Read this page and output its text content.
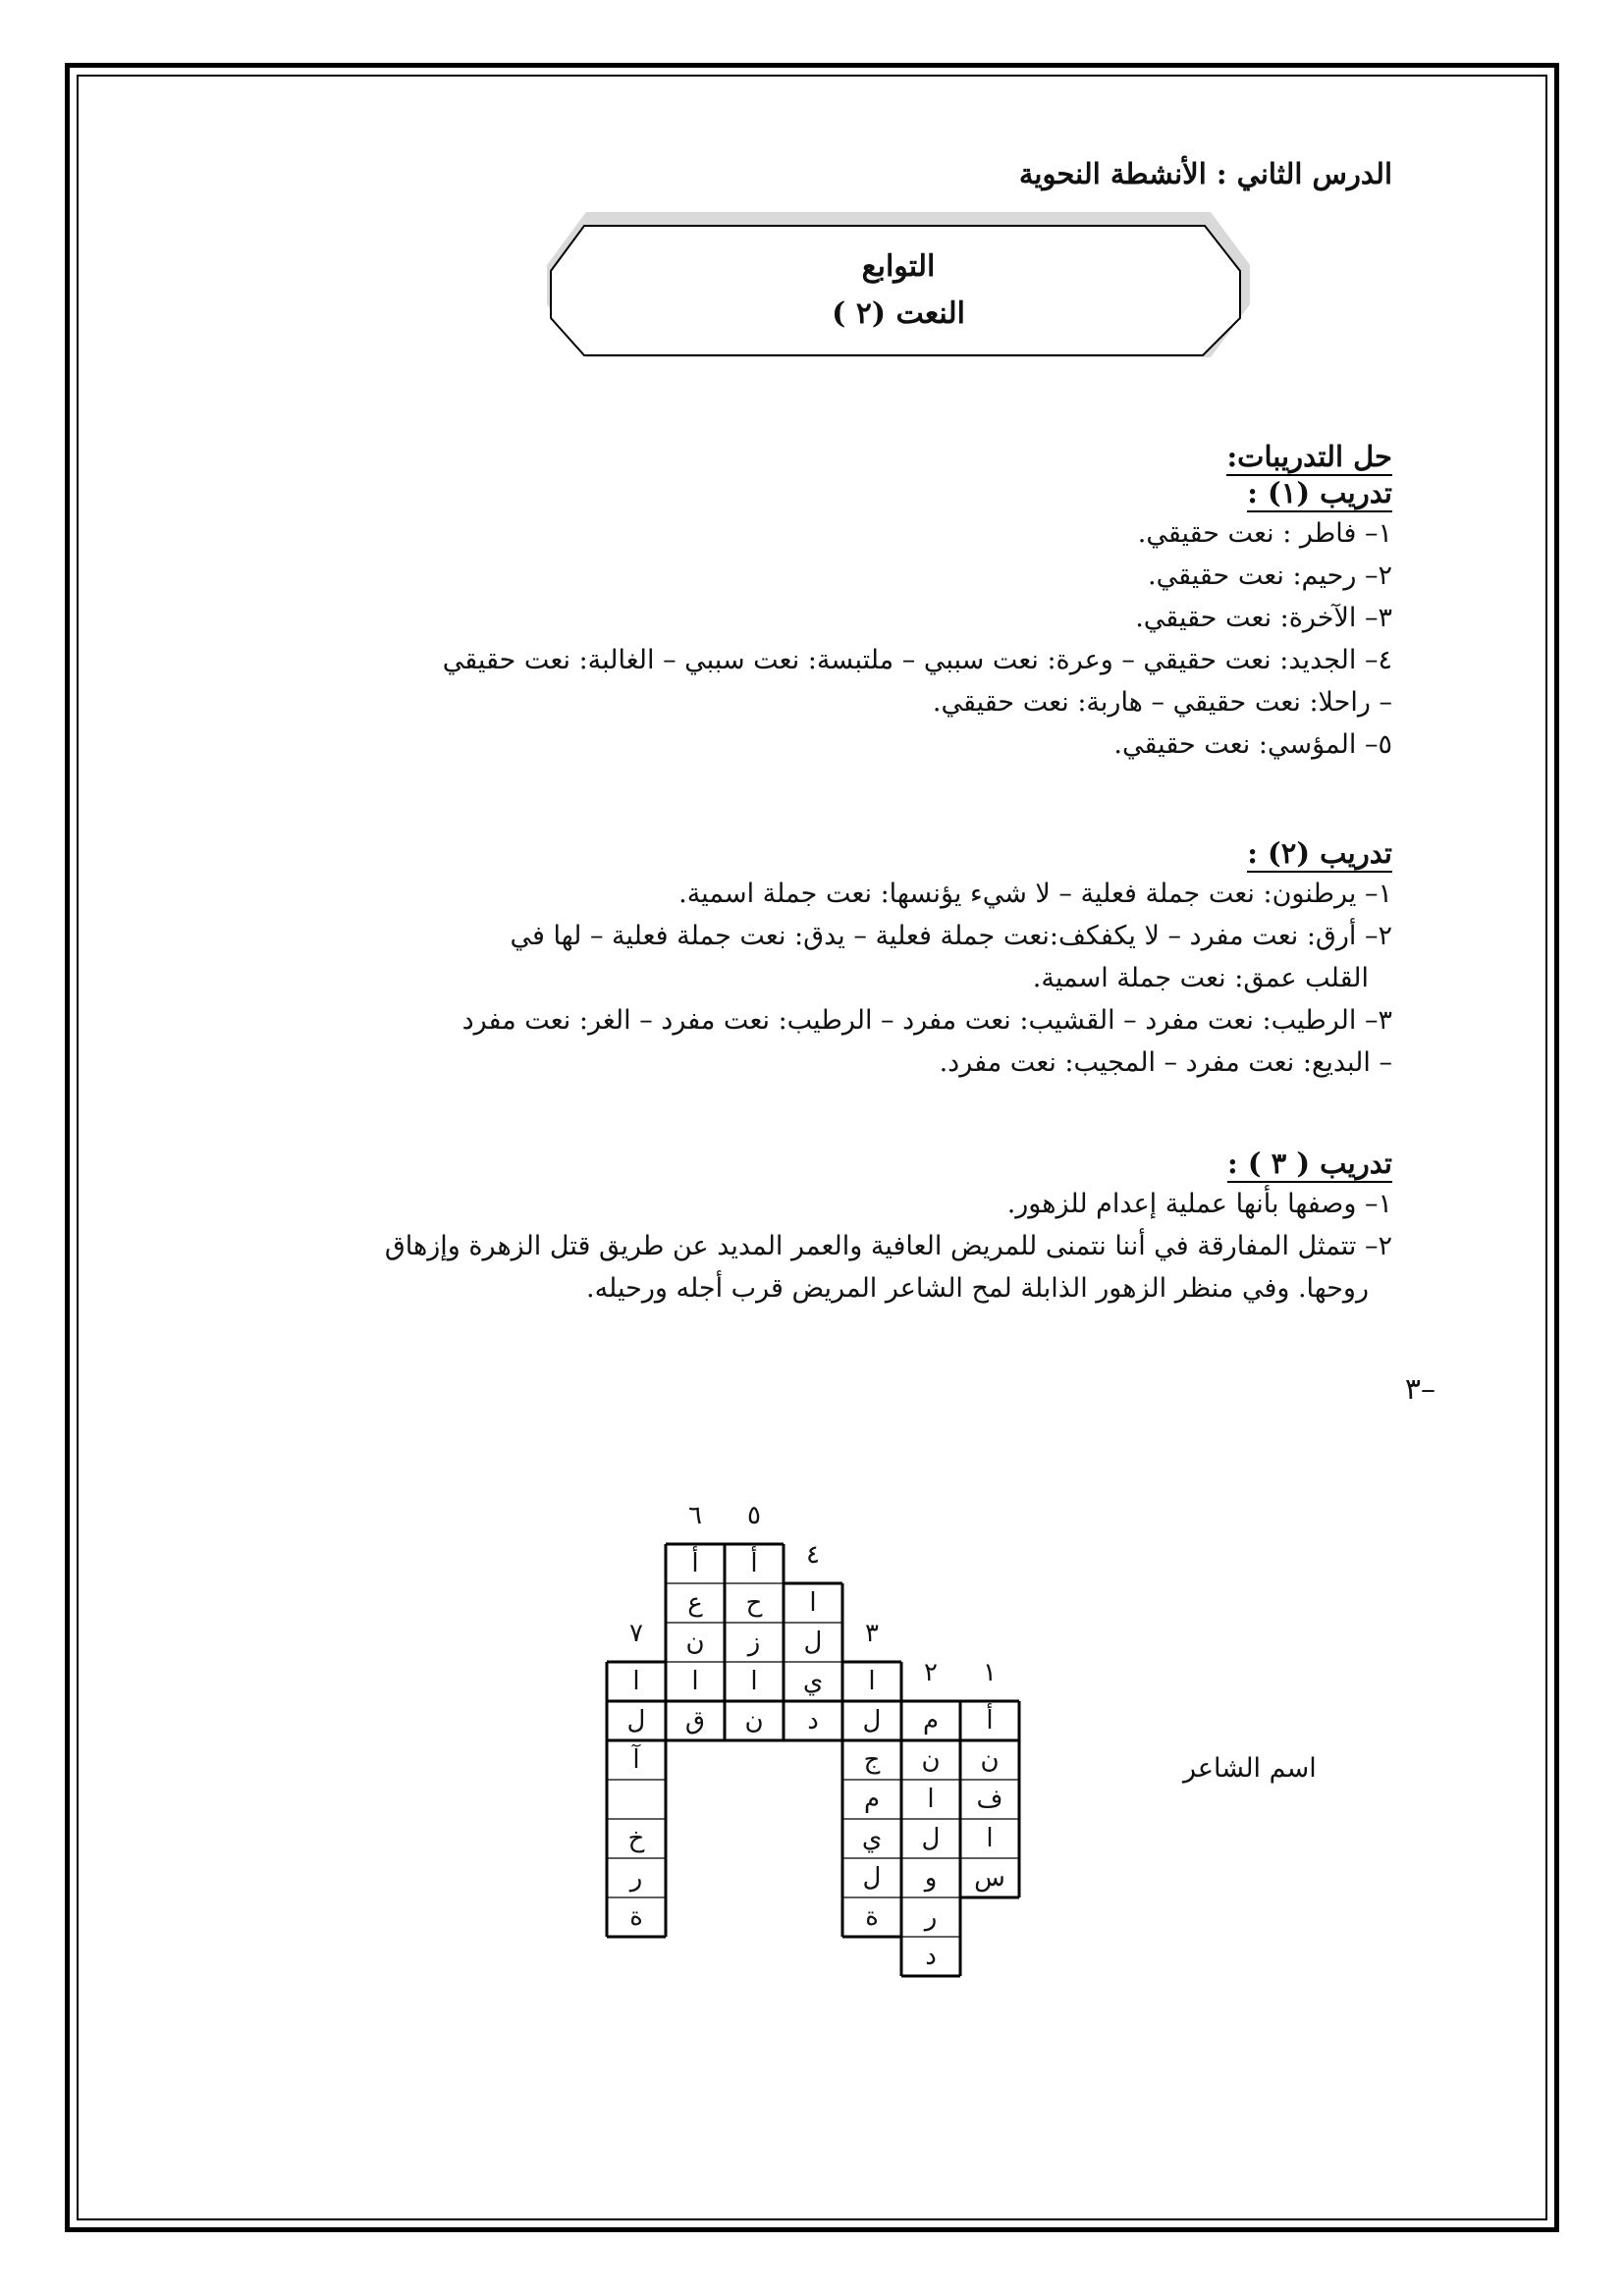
الدرس الثاني : الأنشطة النحوية
التوابع
النعت (٢ )
حل التدريبات:
تدريب (١) :
١– فاطر : نعت حقيقي.
٢– رحيم: نعت حقيقي.
٣– الآخرة: نعت حقيقي.
٤– الجديد: نعت حقيقي – وعرة: نعت سببي – ملتبسة: نعت سببي – الغالبة: نعت حقيقي
– راحلا: نعت حقيقي – هاربة: نعت حقيقي.
٥– المؤسي: نعت حقيقي.
تدريب (٢) :
١– يرطنون: نعت جملة فعلية – لا شيء يؤنسها: نعت جملة اسمية.
٢– أرق: نعت مفرد – لا يكفكف:نعت جملة فعلية – يدق: نعت جملة فعلية – لها في
القلب عمق: نعت جملة اسمية.
٣– الرطيب: نعت مفرد – القشيب: نعت مفرد – الرطيب: نعت مفرد – الغر: نعت مفرد
– البديع: نعت مفرد – المجيب: نعت مفرد.
تدريب ( ٣ ) :
١– وصفها بأنها عملية إعدام للزهور.
٢– تتمثل المفارقة في أننا نتمنى للمريض العافية والعمر المديد عن طريق قتل الزهرة وإزهاق
روحها. وفي منظر الزهور الذابلة لمح الشاعر المريض قرب أجله ورحيله.
–٣
اسم الشاعر
أ
ن
ف
ا
س
١
م
ن
ا
ل
و
ر
د
٢
ا
ل
ج
م
ي
ل
ة
٣
ا
ل
ي
د
٤
أ
ح
ز
ا
ن
٥
أ
ع
ن
ا
ق
٦
ا
ل
آ
خ
ر
ة
٧
